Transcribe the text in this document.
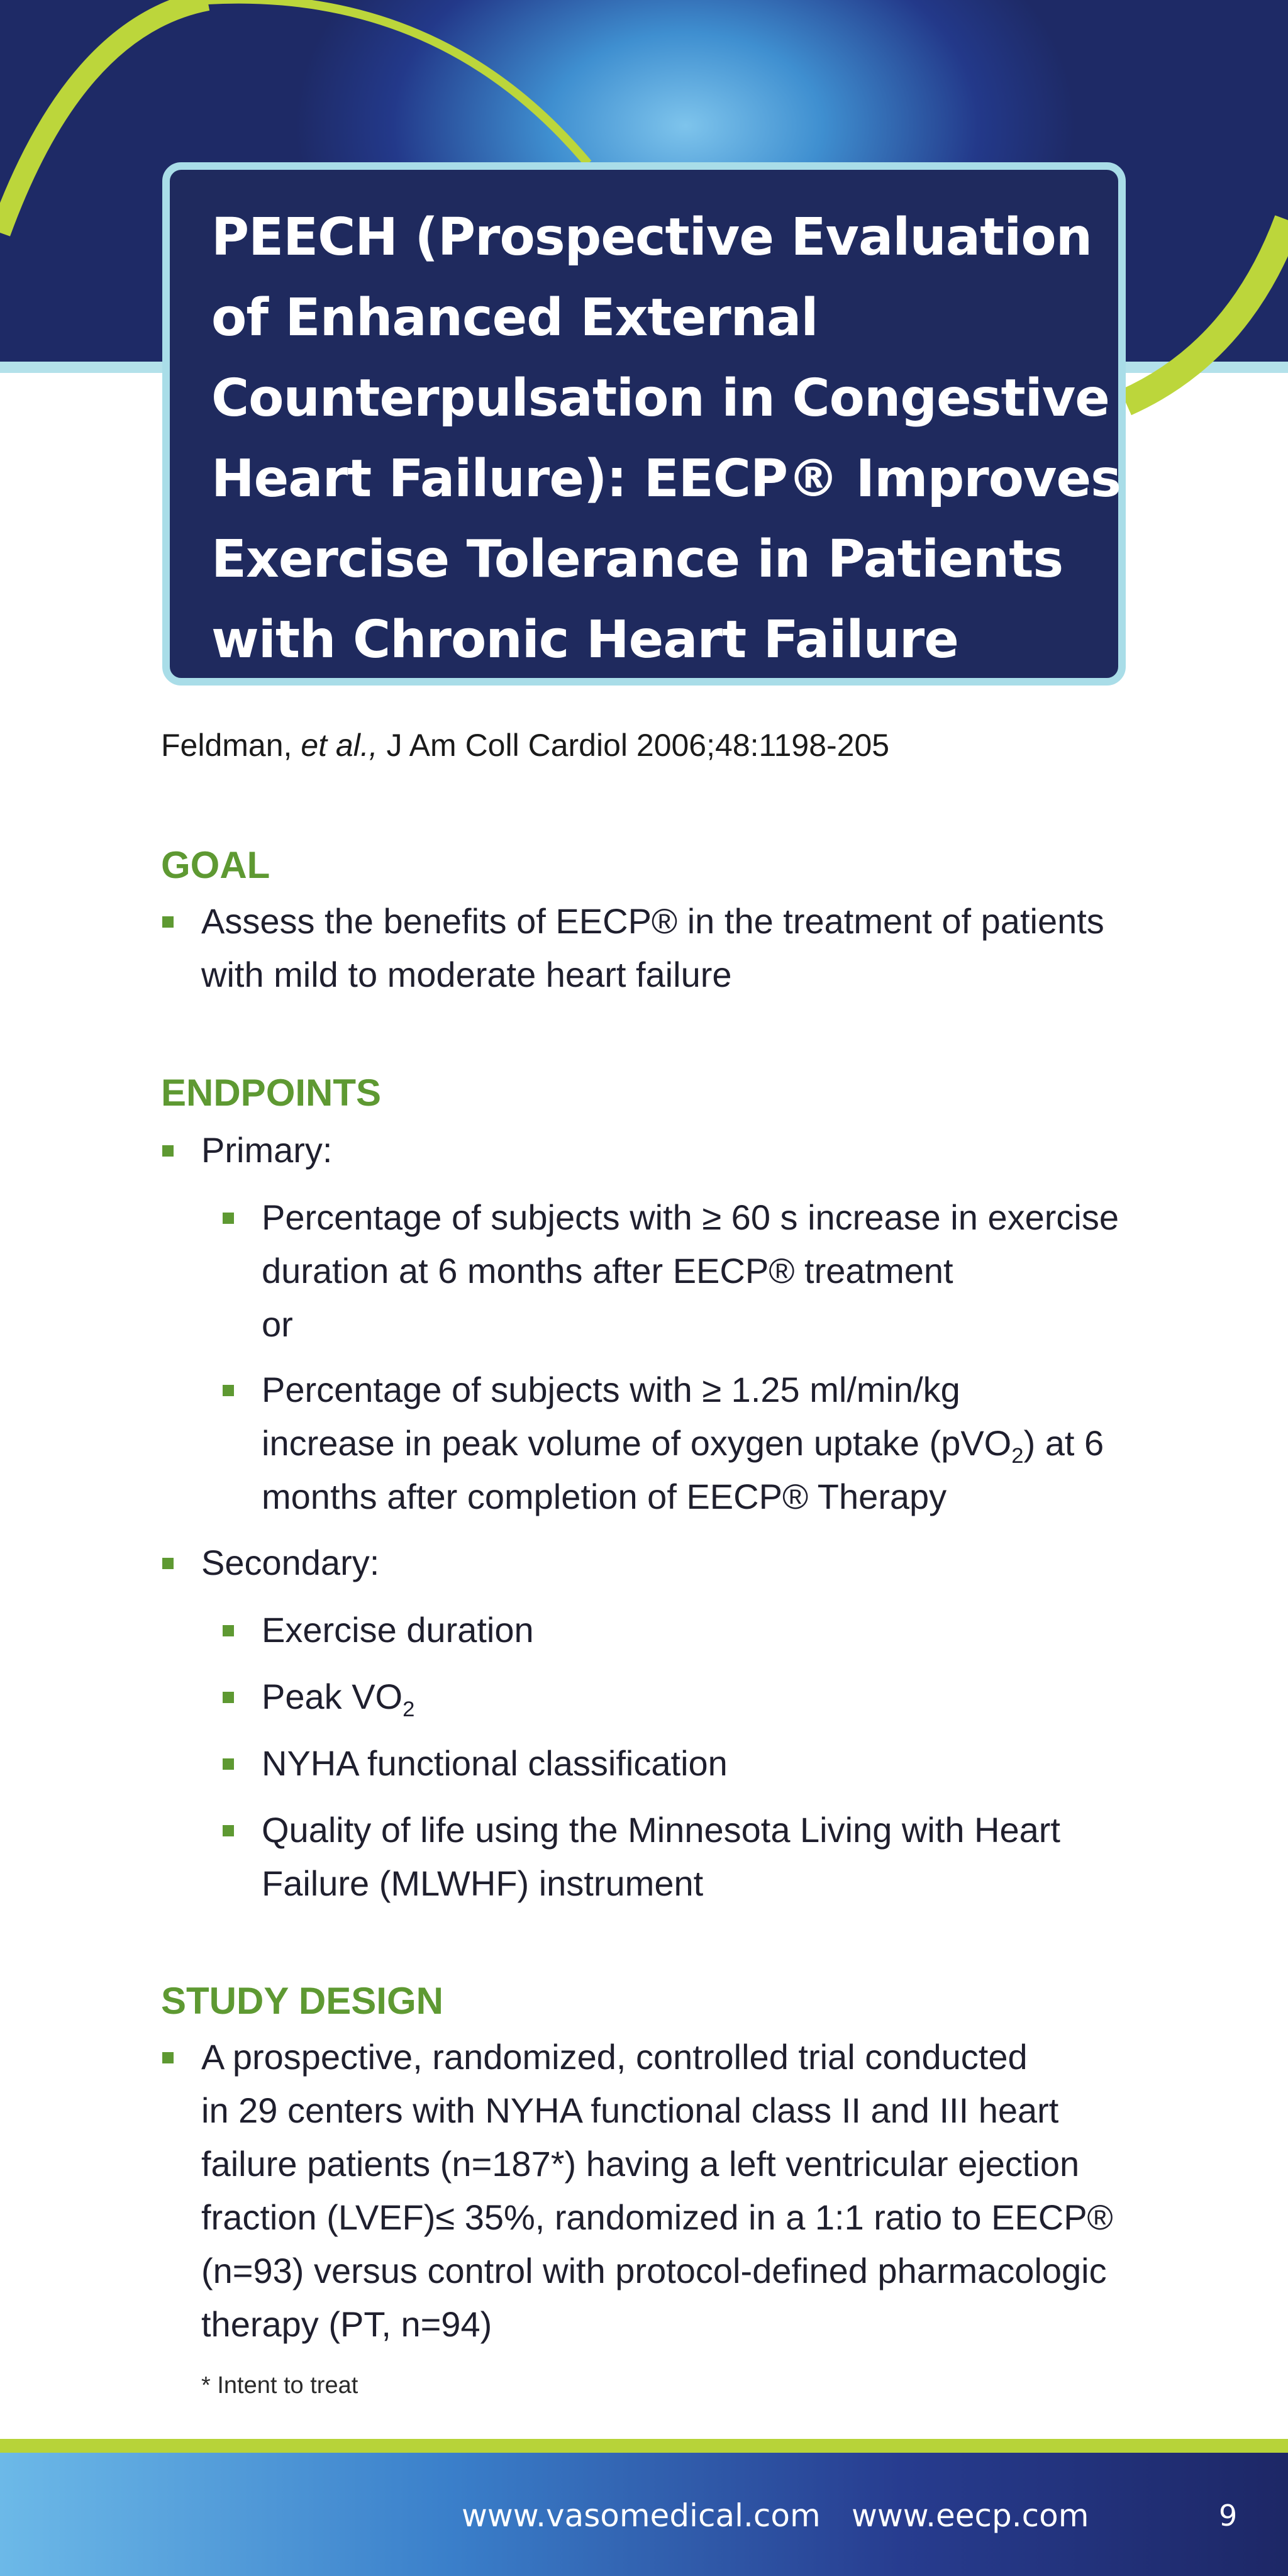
PEECH (Prospective Evaluation
of Enhanced External
Counterpulsation in Congestive
Heart Failure): EECP® Improves
Exercise Tolerance in Patients
with Chronic Heart Failure
Feldman, et al., J Am Coll Cardiol 2006;48:1198-205
GOAL
Assess the benefits of EECP® in the treatment of patients
with mild to moderate heart failure
ENDPOINTS
Primary:
Percentage of subjects with ≥ 60 s increase in exercise
duration at 6 months after EECP® treatment
or
Percentage of subjects with ≥ 1.25 ml/min/kg
increase in peak volume of oxygen uptake (pVO$_2$) at 6
months after completion of EECP® Therapy
Secondary:
Exercise duration
Peak $VO_2$
NYHA functional classification
Quality of life using the Minnesota Living with Heart
Failure (MLWHF) instrument
STUDY DESIGN
A prospective, randomized, controlled trial conducted
in 29 centers with NYHA functional class II and III heart
failure patients (n=187*) having a left ventricular ejection
fraction (LVEF)≤ 35%, randomized in a 1:1 ratio to EECP®
(n=93) versus control with protocol-defined pharmacologic
therapy (PT, n=94)
* Intent to treat
www.vasomedical.com www.eecp.com	9
